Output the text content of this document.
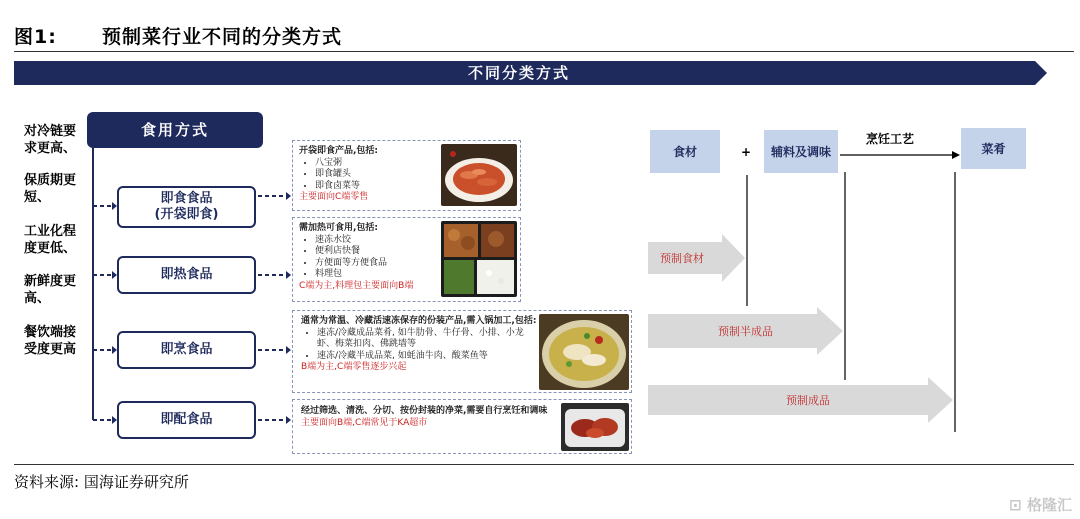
图1: 预制菜行业不同的分类方式
不同分类方式
对冷链要
求更高、
保质期更
短、
工业化程
度更低、
新鲜度更
高、
餐饮端接
受度更高
食用方式
即食食品
(开袋即食)
即热食品
即烹食品
即配食品
开袋即食产品,包括:
• 八宝粥
• 即食罐头
• 即食卤菜等
主要面向C端零售
需加热可食用,包括:
• 速冻水饺
• 便利店快餐
• 方便面等方便食品
• 料理包
C端为主,料理包主要面向B端
通常为常温、冷藏活速冻保存的份装产品,需入锅加工,包括:
• 速冻/冷藏成品菜肴, 如牛肋骨、牛仔骨、小排、小龙虾、梅菜扣肉、佛跳墙等
• 速冻/冷藏半成品菜, 如蚝油牛肉、酸菜鱼等
B端为主,C端零售逐步兴起
经过筛选、清洗、分切、按份封装的净菜,需要自行烹饪和调味
主要面向B端,C端常见于KA超市
食材	+	辅料及调味
烹饪工艺
菜肴
预制食材
预制半成品
预制成品
资料来源: 国海证券研究所
⊡ 格隆汇
